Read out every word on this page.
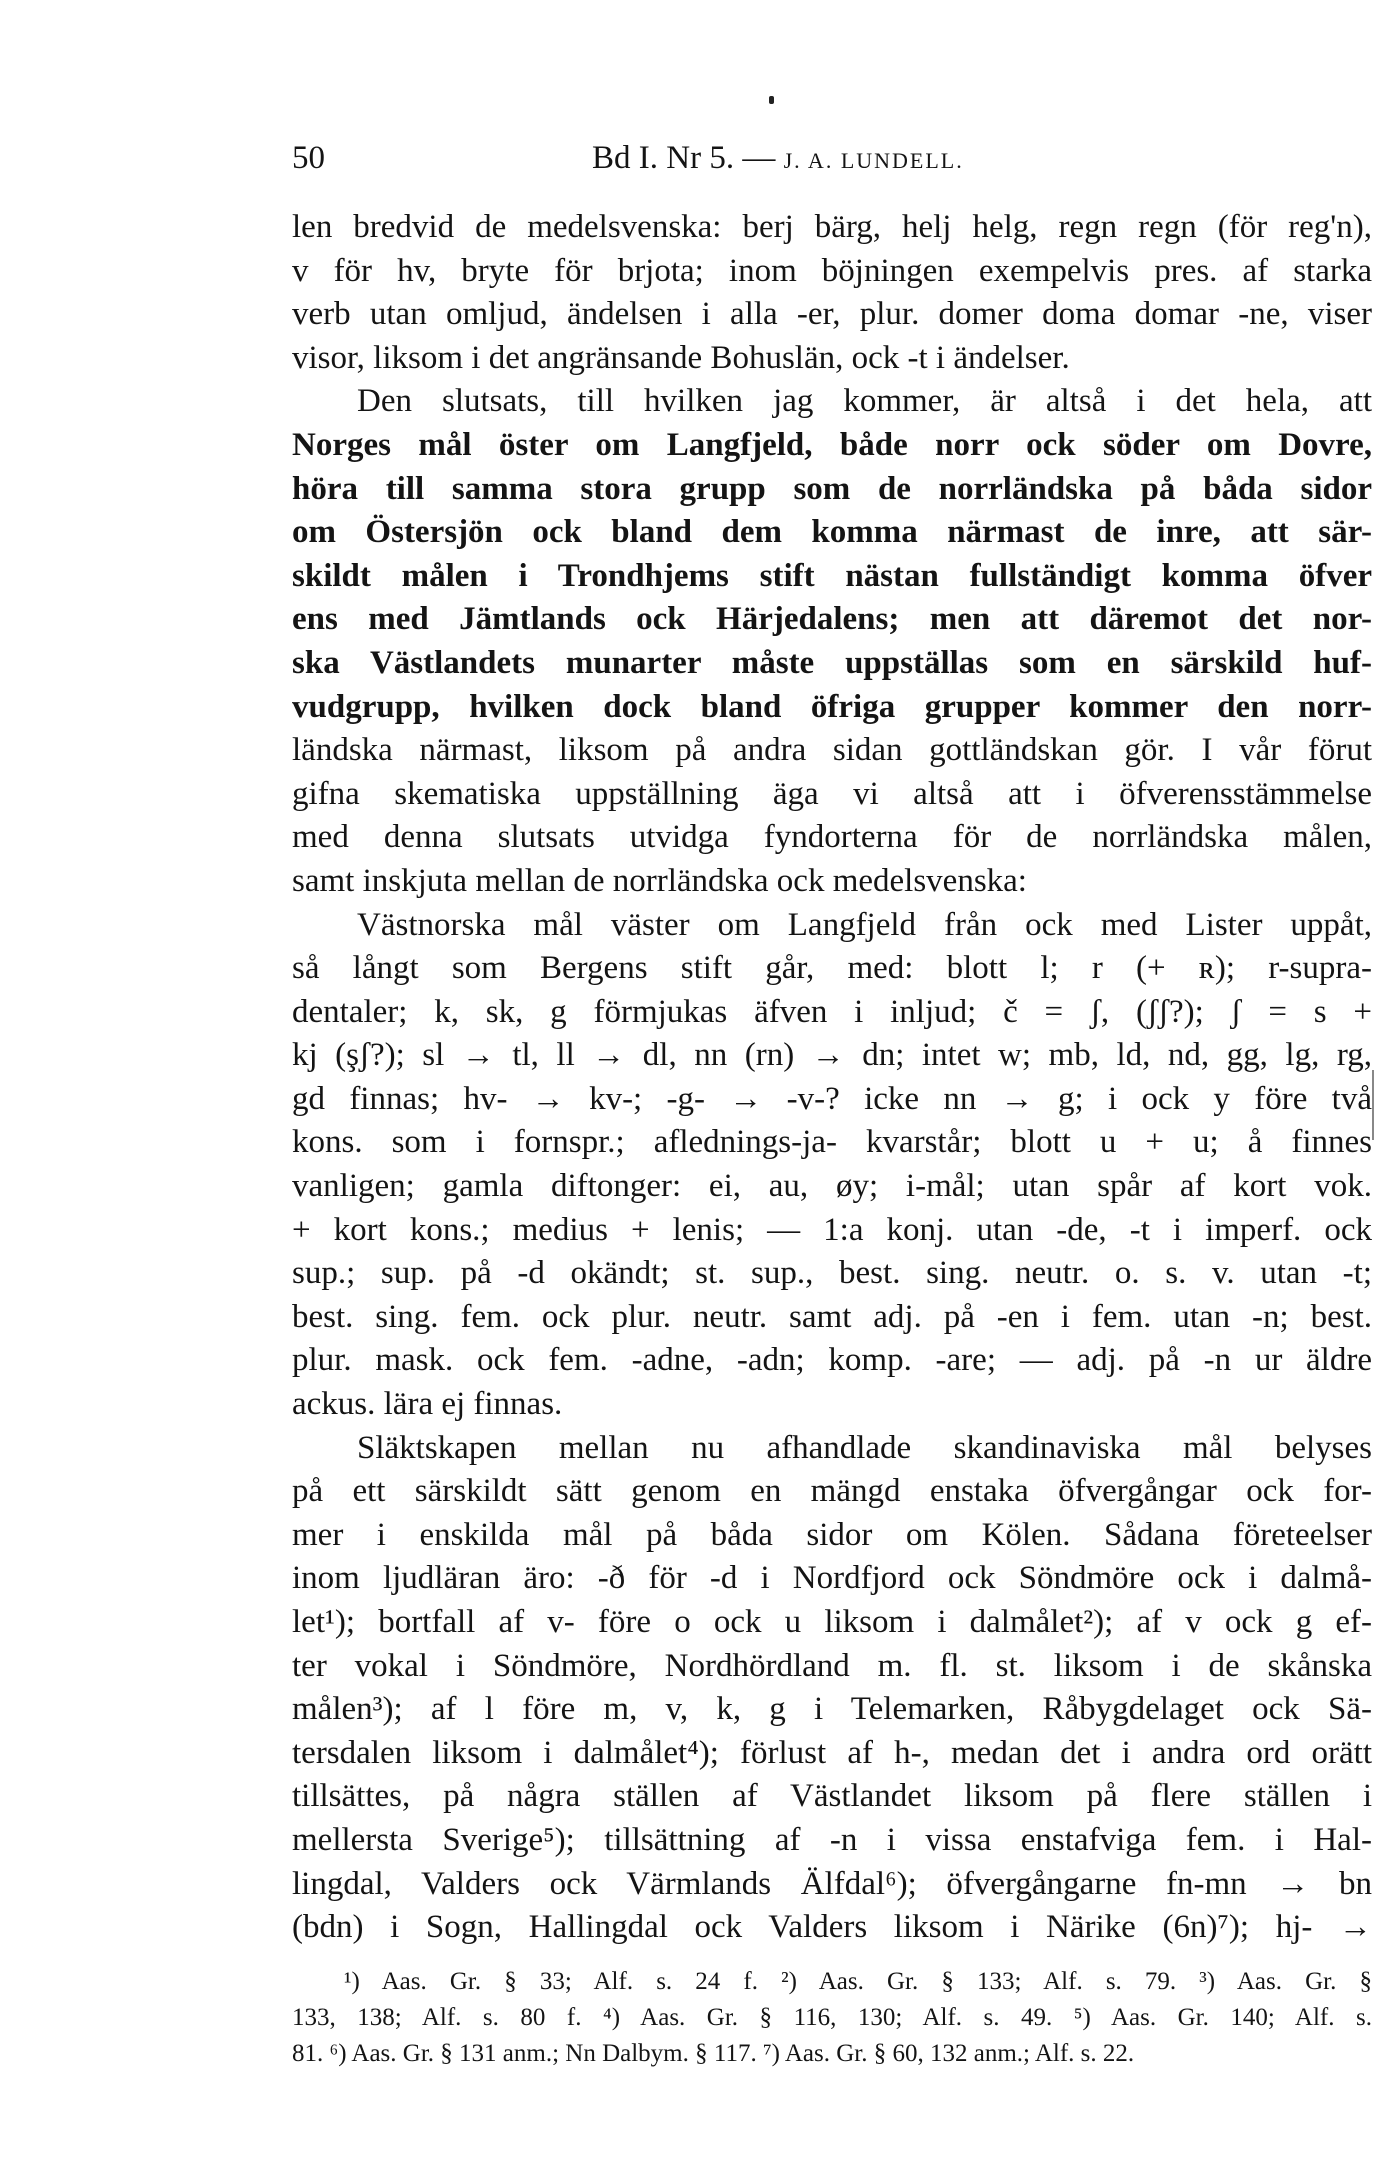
50	Bd I. Nr 5. — J. A. LUNDELL.
len bredvid de medelsvenska: berj bärg, helj helg, regn regn (för reg'n),
v för hv, bryte för brjota; inom böjningen exempelvis pres. af starka
verb utan omljud, ändelsen i alla -er, plur. domer doma domar -ne, viser
visor, liksom i det angränsande Bohuslän, ock -t i ändelser.
Den slutsats, till hvilken jag kommer, är altså i det hela, att
Norges mål öster om Langfjeld, både norr ock söder om Dovre,
höra till samma stora grupp som de norrländska på båda sidor
om Östersjön ock bland dem komma närmast de inre, att sär-
skildt målen i Trondhjems stift nästan fullständigt komma öfver
ens med Jämtlands ock Härjedalens; men att däremot det nor-
ska Västlandets munarter måste uppställas som en särskild huf-
vudgrupp, hvilken dock bland öfriga grupper kommer den norr-
ländska närmast, liksom på andra sidan gottländskan gör. I vår förut
gifna skematiska uppställning äga vi altså att i öfverensstämmelse
med denna slutsats utvidga fyndorterna för de norrländska målen,
samt inskjuta mellan de norrländska ock medelsvenska:
Västnorska mål väster om Langfjeld från ock med Lister uppåt,
så långt som Bergens stift går, med: blott l; r (+ ʀ); r-supra-
dentaler; k, sk, g förmjukas äfven i inljud; č = ʃ, (ʃʃ?); ʃ = s +
kj (şʃ?); sl → tl, ll → dl, nn (rn) → dn; intet w; mb, ld, nd, gg, lg, rg,
gd finnas; hv- → kv-; -g- → -v-? icke nn → g; i ock y före två
kons. som i fornspr.; aflednings-ja- kvarstår; blott u + u; å finnes
vanligen; gamla diftonger: ei, au, øy; i-mål; utan spår af kort vok.
+ kort kons.; medius + lenis; — 1:a konj. utan -de, -t i imperf. ock
sup.; sup. på -d okändt; st. sup., best. sing. neutr. o. s. v. utan -t;
best. sing. fem. ock plur. neutr. samt adj. på -en i fem. utan -n; best.
plur. mask. ock fem. -adne, -adn; komp. -are; — adj. på -n ur äldre
ackus. lära ej finnas.
Släktskapen mellan nu afhandlade skandinaviska mål belyses
på ett särskildt sätt genom en mängd enstaka öfvergångar ock for-
mer i enskilda mål på båda sidor om Kölen. Sådana företeelser
inom ljudläran äro: -ð för -d i Nordfjord ock Söndmöre ock i dalmå-
let¹); bortfall af v- före o ock u liksom i dalmålet²); af v ock g ef-
ter vokal i Söndmöre, Nordhördland m. fl. st. liksom i de skånska
målen³); af l före m, v, k, g i Telemarken, Råbygdelaget ock Sä-
tersdalen liksom i dalmålet⁴); förlust af h-, medan det i andra ord orätt
tillsättes, på några ställen af Västlandet liksom på flere ställen i
mellersta Sverige⁵); tillsättning af -n i vissa enstafviga fem. i Hal-
lingdal, Valders ock Värmlands Älfdal⁶); öfvergångarne fn-mn → bn
(bdn) i Sogn, Hallingdal ock Valders liksom i Närike (6n)⁷); hj- →
¹) Aas. Gr. § 33; Alf. s. 24 f. ²) Aas. Gr. § 133; Alf. s. 79. ³) Aas. Gr. §
133, 138; Alf. s. 80 f. ⁴) Aas. Gr. § 116, 130; Alf. s. 49. ⁵) Aas. Gr. 140; Alf. s.
81. ⁶) Aas. Gr. § 131 anm.; Nn Dalbym. § 117. ⁷) Aas. Gr. § 60, 132 anm.; Alf. s. 22.
